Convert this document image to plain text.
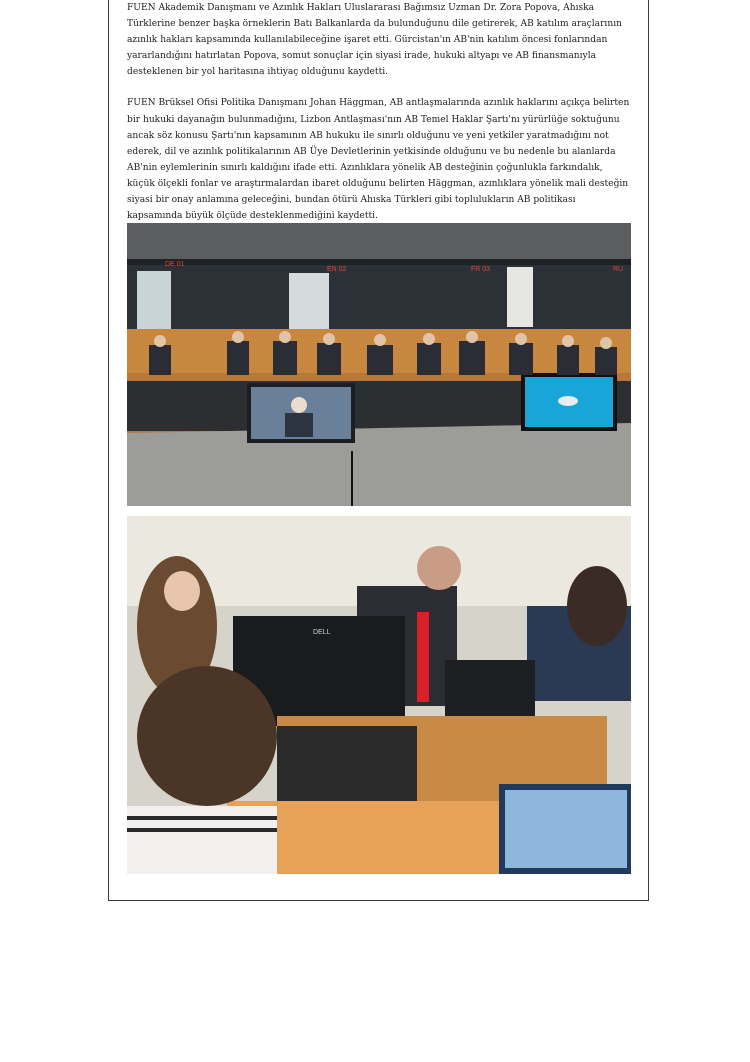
FUEN Akademik Danışmanı ve Azınlık Hakları Uluslararası Bağımsız Uzman Dr. Zora Popova, Ahıska Türklerine benzer başka örneklerin Batı Balkanlarda da bulunduğunu dile getirerek, AB katılım araçlarının azınlık hakları kapsamında kullanılabileceğine işaret etti. Gürcistan'ın AB'nin katılım öncesi fonlarından yararlandığını hatırlatan Popova, somut sonuçlar için siyasi irade, hukuki altyapı ve AB finansmanıyla desteklenen bir yol haritasına ihtiyaç olduğunu kaydetti.

FUEN Brüksel Ofisi Politika Danışmanı Johan Häggman, AB antlaşmalarında azınlık haklarını açıkça belirten bir hukuki dayanağın bulunmadığını, Lizbon Antlaşması'nın AB Temel Haklar Şartı'nı yürürlüğe soktuğunu ancak söz konusu Şartı'nın kapsamının AB hukuku ile sınırlı olduğunu ve yeni yetkiler yaratmadığını not ederek, dil ve azınlık politikalarının AB Üye Devletlerinin yetkisinde olduğunu ve bu nedenle bu alanlarda AB'nin eylemlerinin sınırlı kaldığını ifade etti. Azınlıklara yönelik AB desteğinin çoğunlukla farkındalık, küçük ölçekli fonlar ve araştırmalardan ibaret olduğunu belirten Häggman, azınlıklara yönelik mali desteğin siyasi bir onay anlamına geleceğini, bundan ötürü Ahıska Türkleri gibi toplulukların AB politikası kapsamında büyük ölçüde desteklenmediğini kaydetti.

DE 01
EN 02	FR 03	RU
DELL
